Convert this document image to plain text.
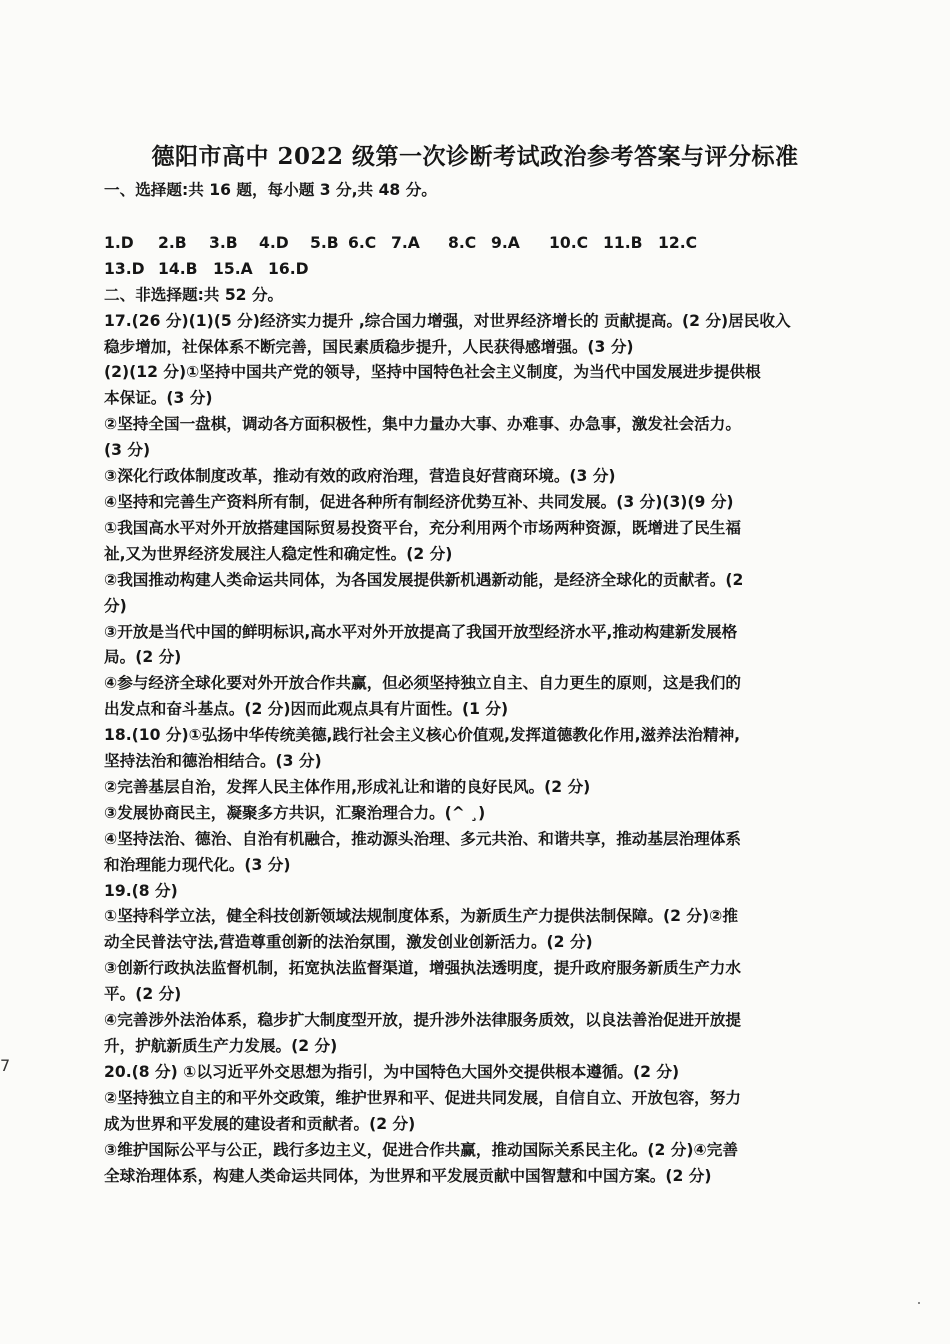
德阳市高中 2022 级第一次诊断考试政治参考答案与评分标准
一、选择题:共 16 题，每小题 3 分,共 48 分。
1.D 2.B 3.B 4.D 5.B 6.C 7.A 8.C 9.A 10.C 11.B 12.C
13.D 14.B 15.A 16.D
二、非选择题:共 52 分。
17.(26 分)(1)(5 分)经济实力提升 ,综合国力增强，对世界经济增长的 贡献提高。(2 分)居民收入
稳步增加，社保体系不断完善，国民素质稳步提升，人民获得感增强。(3 分)
(2)(12 分)①坚持中国共产党的领导，坚持中国特色社会主义制度，为当代中国发展进步提供根
本保证。(3 分)
②坚持全国一盘棋，调动各方面积极性，集中力量办大事、办难事、办急事，激发社会活力。
(3 分)
③深化行政体制度改革，推动有效的政府治理，营造良好营商环境。(3 分)
④坚持和完善生产资料所有制，促进各种所有制经济优势互补、共同发展。(3 分)(3)(9 分)
①我国高水平对外开放搭建国际贸易投资平台，充分利用两个市场两种资源，既增进了民生福
祉,又为世界经济发展注人稳定性和确定性。(2 分)
②我国推动构建人类命运共同体，为各国发展提供新机遇新动能，是经济全球化的贡献者。(2
分)
③开放是当代中国的鲜明标识,高水平对外开放提高了我国开放型经济水平,推动构建新发展格
局。(2 分)
④参与经济全球化要对外开放合作共赢，但必须坚持独立自主、自力更生的原则，这是我们的
出发点和奋斗基点。(2 分)因而此观点具有片面性。(1 分)
18.(10 分)①弘扬中华传统美德,践行社会主义核心价值观,发挥道德教化作用,滋养法治精神,
坚持法治和德治相结合。(3 分)
②完善基层自治，发挥人民主体作用,形成礼让和谐的良好民风。(2 分)
③发展协商民主，凝聚多方共识，汇聚治理合力。(^ ¸)
④坚持法治、德治、自治有机融合，推动源头治理、多元共治、和谐共享，推动基层治理体系
和治理能力现代化。(3 分)
19.(8 分)
①坚持科学立法，健全科技创新领域法规制度体系，为新质生产力提供法制保障。(2 分)②推
动全民普法守法,营造尊重创新的法治氛围，激发创业创新活力。(2 分)
③创新行政执法监督机制，拓宽执法监督渠道，增强执法透明度，提升政府服务新质生产力水
平。(2 分)
④完善涉外法治体系，稳步扩大制度型开放，提升涉外法律服务质效，以良法善治促进开放提
升，护航新质生产力发展。(2 分)
20.(8 分) ①以习近平外交思想为指引，为中国特色大国外交提供根本遵循。(2 分)
②坚持独立自主的和平外交政策，维护世界和平、促进共同发展，自信自立、开放包容，努力
成为世界和平发展的建设者和贡献者。(2 分)
③维护国际公平与公正，践行多边主义，促进合作共赢，推动国际关系民主化。(2 分)④完善
全球治理体系，构建人类命运共同体，为世界和平发展贡献中国智慧和中国方案。(2 分)
7
